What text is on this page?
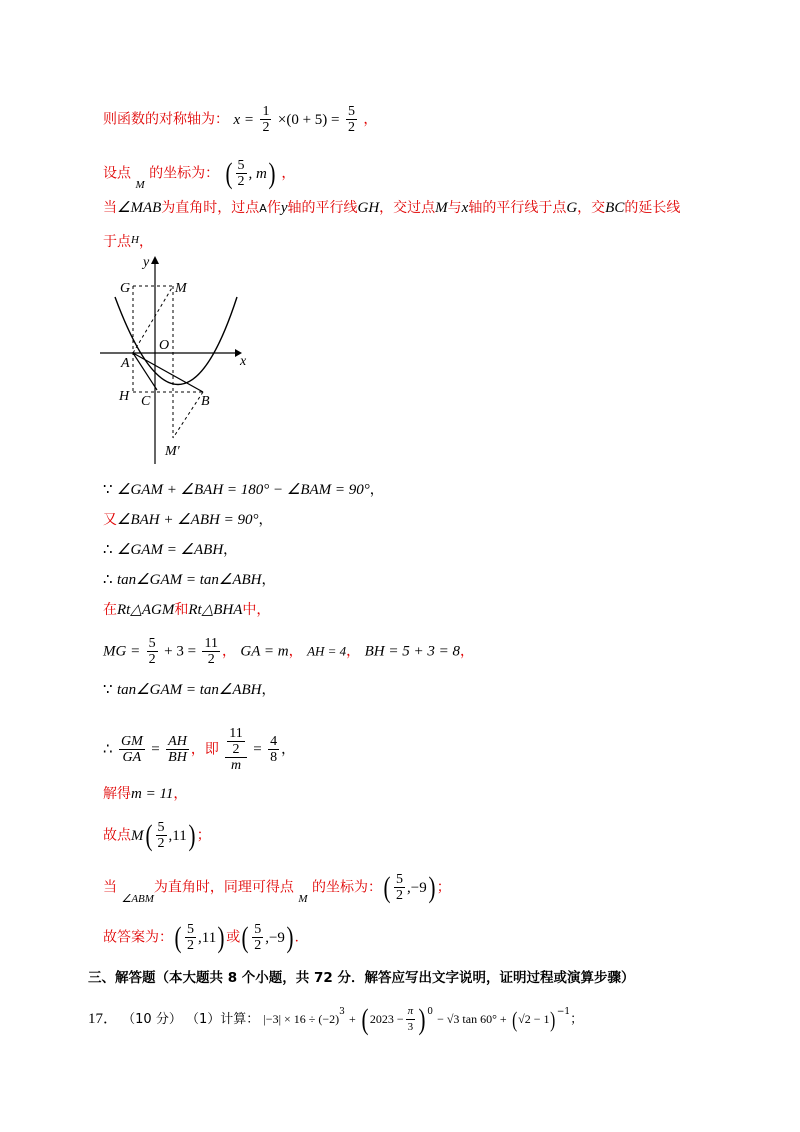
则函数的对称轴为： $x = \frac{1}{2} \times(0 + 5) = \frac{5}{2}$ ，
设点 $_M$ 的坐标为： ( $\frac{5}{2}$ , m) ，
当∠MAB为直角时，过点A作y轴的平行线GH，交过点M与x轴的平行线于点G，交BC的延长线
于点$^H$，
y
x
G	M
O
A
H C	B
M′
∵ ∠GAM + ∠BAH = 180° − ∠BAM = 90°，
又∠BAH + ∠ABH = 90°，
∴ ∠GAM = ∠ABH，
∴ tan∠GAM = tan∠ABH，
在Rt△AGM和Rt△BHA中，
MG = $\frac{5}{2} + 3 = \frac{11}{2}$ ， GA = m， AH = 4， BH = 5 + 3 = 8，
∵ tan∠GAM = tan∠ABH，
∴ $\frac{GM}{GA} = \frac{AH}{BH}$ ，即 $\frac{\frac{11}{2}}{m} = \frac{4}{8}$ ，
解得m = 11，
故点$M( \frac{5}{2} ,11)$ ；
当 $_{\angle ABM}$为直角时，同理可得点 $_M$ 的坐标为：( $\frac{5}{2} ,-9$) ；
故答案为：( $\frac{5}{2} ,11$) 或( $\frac{5}{2} ,-9$) .
三、解答题（本大题共 8 个小题，共 72 分．解答应写出文字说明，证明过程或演算步骤）
17． （10 分） （1）计算： $|-3| \times 16 \div (-2)^3$ + ( $2023 - \frac{\pi}{3}$ ) $^0$ − √3 $\tan 60^\circ + (√2 - 1)^{-1}$；
